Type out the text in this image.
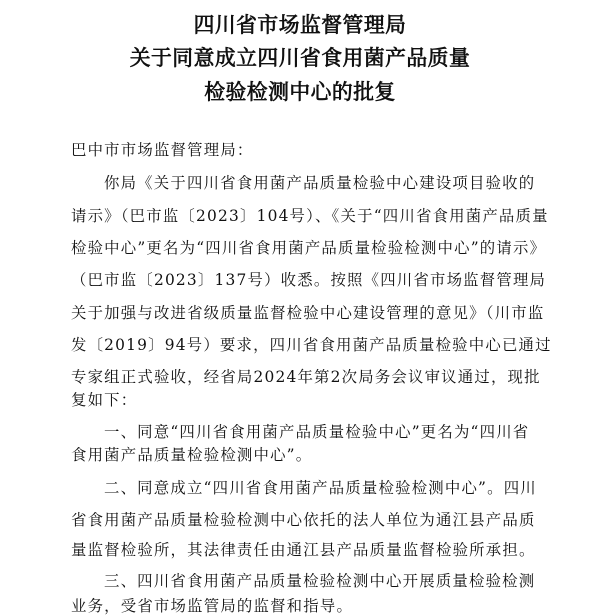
四川省市场监督管理局
关于同意成立四川省食用菌产品质量
检验检测中心的批复
巴中市市场监督管理局：
你局《关于四川省食用菌产品质量检验中心建设项目验收的
请示》（巴市监〔2023〕104号）、《关于“四川省食用菌产品质量
检验中心”更名为“四川省食用菌产品质量检验检测中心”的请示》
（巴市监〔2023〕137号）收悉。按照《四川省市场监督管理局
关于加强与改进省级质量监督检验中心建设管理的意见》（川市监
发〔2019〕94号）要求，四川省食用菌产品质量检验中心已通过
专家组正式验收，经省局2024年第2次局务会议审议通过，现批
复如下：
一、同意“四川省食用菌产品质量检验中心”更名为“四川省
食用菌产品质量检验检测中心”。
二、同意成立“四川省食用菌产品质量检验检测中心”。四川
省食用菌产品质量检验检测中心依托的法人单位为通江县产品质
量监督检验所，其法律责任由通江县产品质量监督检验所承担。
三、四川省食用菌产品质量检验检测中心开展质量检验检测
业务，受省市场监管局的监督和指导。
